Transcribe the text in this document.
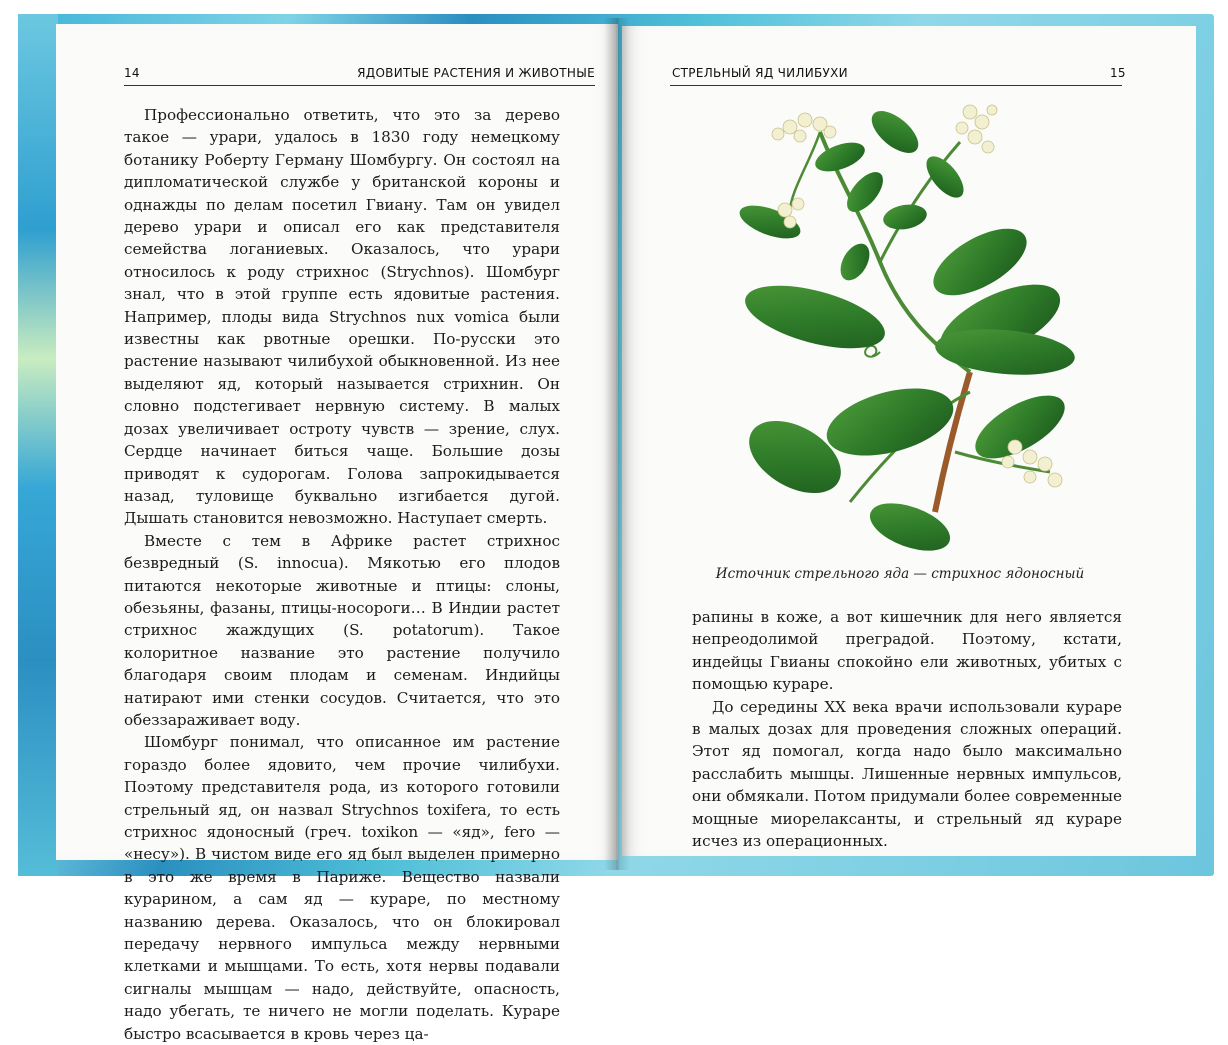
14	ЯДОВИТЫЕ РАСТЕНИЯ И ЖИВОТНЫЕ

Профессионально ответить, что это за дерево такое — урари, удалось в 1830 году немецкому ботанику Роберту Герману Шомбургу. Он состоял на дипломатической службе у британской короны и однажды по делам посетил Гвиану. Там он увидел дерево урари и описал его как представителя семейства логаниевых. Оказалось, что урари относилось к роду стрихнос (Strychnos). Шомбург знал, что в этой группе есть ядовитые растения. Например, плоды вида Strychnos nux vomica были известны как рвотные орешки. По-русски это растение называют чилибухой обыкновенной. Из нее выделяют яд, который называется стрихнин. Он словно подстегивает нервную систему. В малых дозах увеличивает остроту чувств — зрение, слух. Сердце начинает биться чаще. Большие дозы приводят к судорогам. Голова запрокидывается назад, туловище буквально изгибается дугой. Дышать становится невозможно. Наступает смерть.

Вместе с тем в Африке растет стрихнос безвредный (S. innocua). Мякотью его плодов питаются некоторые животные и птицы: слоны, обезьяны, фазаны, птицы-носороги… В Индии растет стрихнос жаждущих (S. potatorum). Такое колоритное название это растение получило благодаря своим плодам и семенам. Индийцы натирают ими стенки сосудов. Считается, что это обеззараживает воду.

Шомбург понимал, что описанное им растение гораздо более ядовито, чем прочие чилибухи. Поэтому представителя рода, из которого готовили стрельный яд, он назвал Strychnos toxifera, то есть стрихнос ядоносный (греч. toxikon — «яд», fero — «несу»). В чистом виде его яд был выделен примерно в это же время в Париже. Вещество назвали кураринoм, а сам яд — кураре, по местному названию дерева. Оказалось, что он блокировал передачу нервного импульса между нервными клетками и мышцами. То есть, хотя нервы подавали сигналы мышцам — надо, действуйте, опасность, надо убегать, те ничего не могли поделать. Кураре быстро всасывается в кровь через ца-

СТРЕЛЬНЫЙ ЯД ЧИЛИБУХИ	15
Источник стрельного яда — стрихнос ядоносный

рапины в коже, а вот кишечник для него является непреодолимой преградой. Поэтому, кстати, индейцы Гвианы спокойно ели животных, убитых с помощью кураре.

До середины XX века врачи использовали кураре в малых дозах для проведения сложных операций. Этот яд помогал, когда надо было максимально расслабить мышцы. Лишенные нервных импульсов, они обмякали. Потом придумали более современные мощные миорелаксанты, и стрельный яд кураре исчез из операционных.
